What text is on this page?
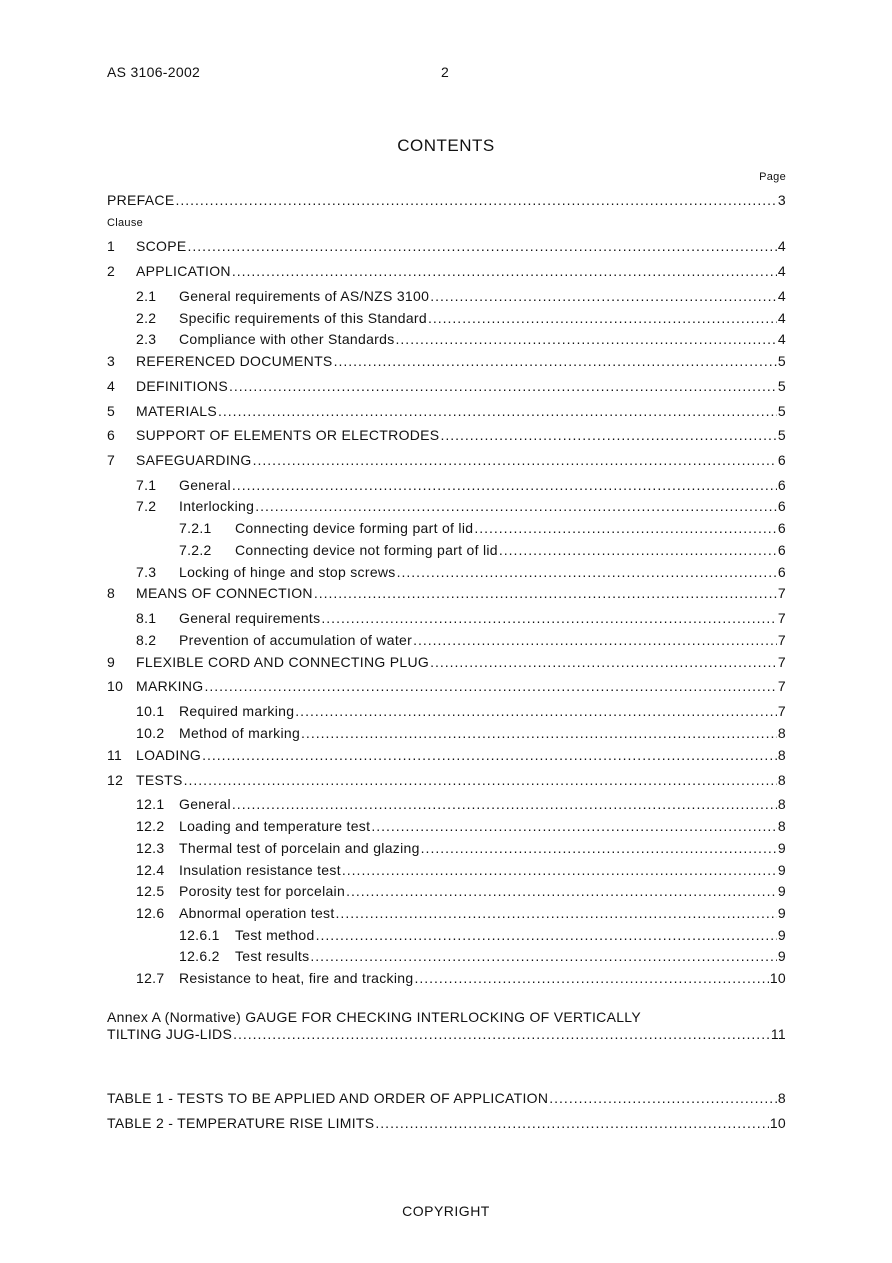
AS 3106-2002	2
CONTENTS
Page
Clause
PREFACE .....	3
1	SCOPE .....	4
2	APPLICATION .....	4
2.1	General requirements of AS/NZS 3100 .....	4
2.2	Specific requirements of this Standard .....	4
2.3	Compliance with other Standards .....	4
3	REFERENCED DOCUMENTS .....	5
4	DEFINITIONS .....	5
5	MATERIALS .....	5
6	SUPPORT OF ELEMENTS OR ELECTRODES .....	5
7	SAFEGUARDING .....	6
7.1	General .....	6
7.2	Interlocking .....	6
7.2.1	Connecting device forming part of lid .....	6
7.2.2	Connecting device not forming part of lid .....	6
7.3	Locking of hinge and stop screws .....	6
8	MEANS OF CONNECTION .....	7
8.1	General requirements .....	7
8.2	Prevention of accumulation of water .....	7
9	FLEXIBLE CORD AND CONNECTING PLUG .....	7
10 MARKING .....	7
10.1	Required marking .....	7
10.2	Method of marking .....	8
11 LOADING .....	8
12 TESTS .....	8
12.1	General .....	8
12.2	Loading and temperature test .....	8
12.3	Thermal test of porcelain and glazing .....	9
12.4	Insulation resistance test .....	9
12.5	Porosity test for porcelain .....	9
12.6	Abnormal operation test .....	9
12.6.1	Test method .....	9
12.6.2	Test results .....	9
12.7	Resistance to heat, fire and tracking .....	10
Annex A (Normative) GAUGE FOR CHECKING INTERLOCKING OF VERTICALLY
TILTING JUG-LIDS .....	11
TABLE 1 - TESTS TO BE APPLIED AND ORDER OF APPLICATION .....	8
TABLE 2 - TEMPERATURE RISE LIMITS .....	10
COPYRIGHT
